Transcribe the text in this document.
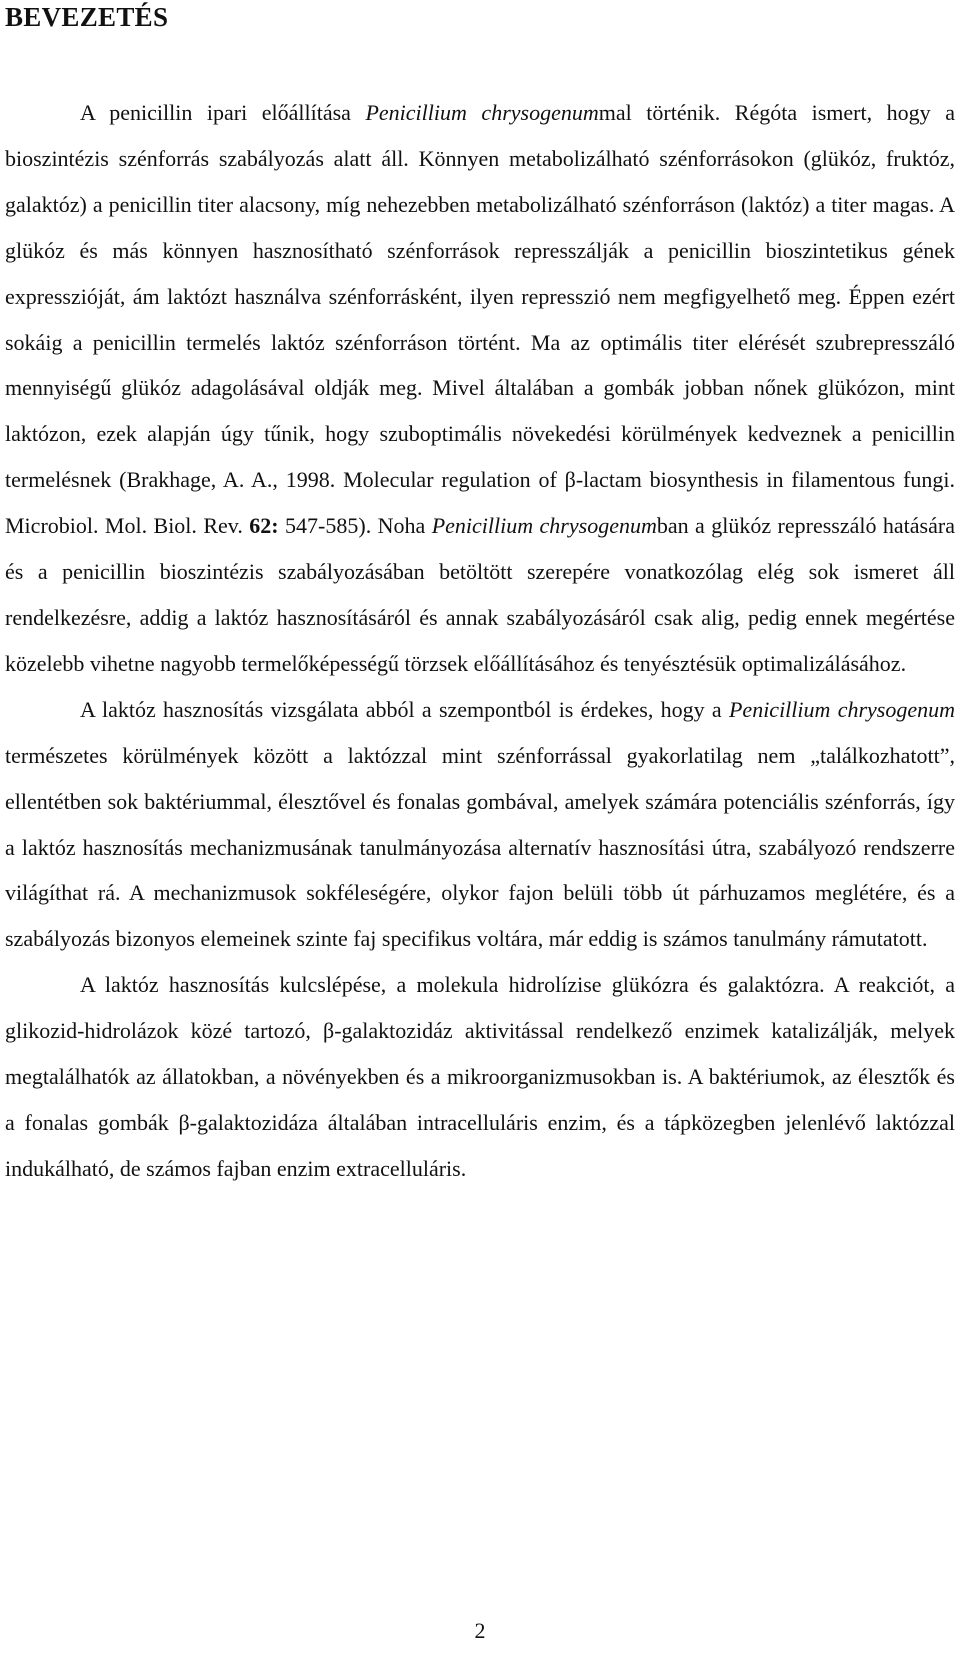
BEVEZETÉS

A penicillin ipari előállítása Penicillium chrysogenummal történik. Régóta ismert, hogy a bioszintézis szénforrás szabályozás alatt áll. Könnyen metabolizálható szénforrásokon (glükóz, fruktóz, galaktóz) a penicillin titer alacsony, míg nehezebben metabolizálható szénforráson (laktóz) a titer magas. A glükóz és más könnyen hasznosítható szénforrások represszálják a penicillin bioszintetikus gének expresszióját, ám laktózt használva szénforrásként, ilyen represszió nem megfigyelhető meg. Éppen ezért sokáig a penicillin termelés laktóz szénforráson történt. Ma az optimális titer elérését szubrepresszáló mennyiségű glükóz adagolásával oldják meg. Mivel általában a gombák jobban nőnek glükózon, mint laktózon, ezek alapján úgy tűnik, hogy szuboptimális növekedési körülmények kedveznek a penicillin termelésnek (Brakhage, A. A., 1998. Molecular regulation of β-lactam biosynthesis in filamentous fungi. Microbiol. Mol. Biol. Rev. 62: 547-585). Noha Penicillium chrysogenumban a glükóz represszáló hatására és a penicillin bioszintézis szabályozásában betöltött szerepére vonatkozólag elég sok ismeret áll rendelkezésre, addig a laktóz hasznosításáról és annak szabályozásáról csak alig, pedig ennek megértése közelebb vihetne nagyobb termelőképességű törzsek előállításához és tenyésztésük optimalizálásához.

A laktóz hasznosítás vizsgálata abból a szempontból is érdekes, hogy a Penicillium chrysogenum természetes körülmények között a laktózzal mint szénforrással gyakorlatilag nem „találkozhatott”, ellentétben sok baktériummal, élesztővel és fonalas gombával, amelyek számára potenciális szénforrás, így a laktóz hasznosítás mechanizmusának tanulmányozása alternatív hasznosítási útra, szabályozó rendszerre világíthat rá. A mechanizmusok sokféleségére, olykor fajon belüli több út párhuzamos meglétére, és a szabályozás bizonyos elemeinek szinte faj specifikus voltára, már eddig is számos tanulmány rámutatott.

A laktóz hasznosítás kulcslépése, a molekula hidrolízise glükózra és galaktózra. A reakciót, a glikozid-hidrolázok közé tartozó, β-galaktozidáz aktivitással rendelkező enzimek katalizálják, melyek megtalálhatók az állatokban, a növényekben és a mikroorganizmusokban is. A baktériumok, az élesztők és a fonalas gombák β-galaktozidáza általában intracelluláris enzim, és a tápközegben jelenlévő laktózzal indukálható, de számos fajban enzim extracelluláris.

2
